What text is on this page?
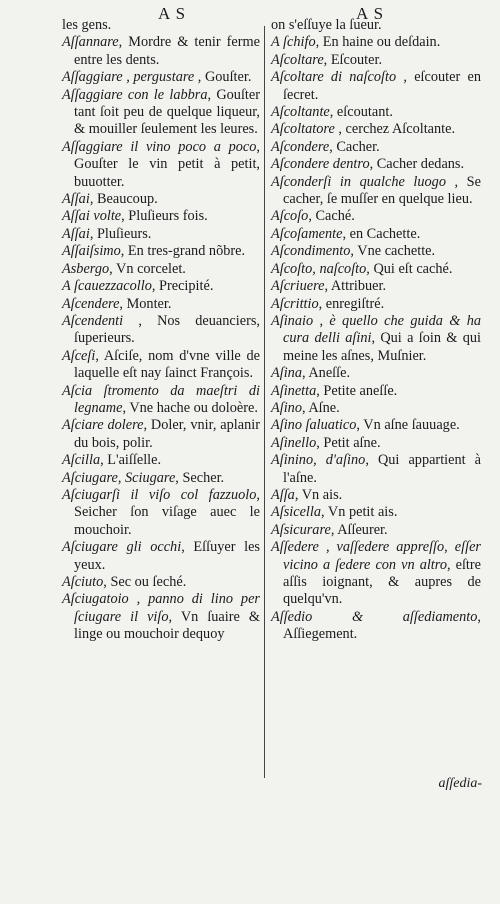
A S	A S
les gens.
Aſſannare, Mordre & tenir ferme entre les dents.
Aſſaggiare , pergustare , Gouſter.
Aſſaggiare con le labbra, Gouſter tant ſoit peu de quelque liqueur, & mouiller ſeulement les leures.
Aſſaggiare il vino poco a poco, Gouſter le vin petit à petit, buuotter.
Aſſai, Beaucoup.
Aſſai volte, Pluſieurs fois.
Aſſai, Pluſieurs.
Aſſaiſsimo, En tres-grand nõbre.
Asbergo, Vn corcelet.
A ſcauezzacollo, Precipité.
Aſcendere, Monter.
Aſcendenti , Nos deuanciers, ſuperieurs.
Aſceſi, Aſciſe, nom d'vne ville de laquelle eſt nay ſainct François.
Aſcia ſtromento da maeſtri di legname, Vne hache ou doloère.
Aſciare dolere, Doler, vnir, aplanir du bois, polir.
Aſcilla, L'aiſſelle.
Aſciugare, Sciugare, Secher.
Aſciugarſi il viſo col fazzuolo, Seicher ſon viſage auec le mouchoir.
Aſciugare gli occhi, Eſſuyer les yeux.
Aſciuto, Sec ou ſeché.
Aſciugatoio , panno di lino per ſciugare il viſo, Vn ſuaire & linge ou mouchoir dequoy
on s'eſſuye la ſueur.
A ſchifo, En haine ou deſdain.
Aſcoltare, Eſcouter.
Aſcoltare di naſcoſto , eſcouter en ſecret.
Aſcoltante, eſcoutant.
Aſcoltatore , cerchez Aſcoltante.
Aſcondere, Cacher.
Aſcondere dentro, Cacher dedans.
Aſconderſi in qualche luogo , Se cacher, ſe muſſer en quelque lieu.
Aſcoſo, Caché.
Aſcoſamente, en Cachette.
Aſcondimento, Vne cachette.
Aſcoſto, naſcoſto, Qui eſt caché.
Aſcriuere, Attribuer.
Aſcrittio, enregiſtré.
Aſinaio , è quello che guida & ha cura delli aſini, Qui a ſoin & qui meine les aſnes, Muſnier.
Aſina, Aneſſe.
Aſinetta, Petite aneſſe.
Aſino, Aſne.
Aſino ſaluatico, Vn aſne ſauuage.
Aſinello, Petit aſne.
Aſinino, d'aſino, Qui appartient à l'aſne.
Aſſa, Vn ais.
Aſsicella, Vn petit ais.
Aſsicurare, Aſſeurer.
Aſſedere , vaſſedere appreſſo, eſſer vicino a ſedere con vn altro, eſtre aſſis ioignant, & aupres de quelqu'vn.
Aſſedio & aſſediamento, Aſſiegement.
aſſedia-
